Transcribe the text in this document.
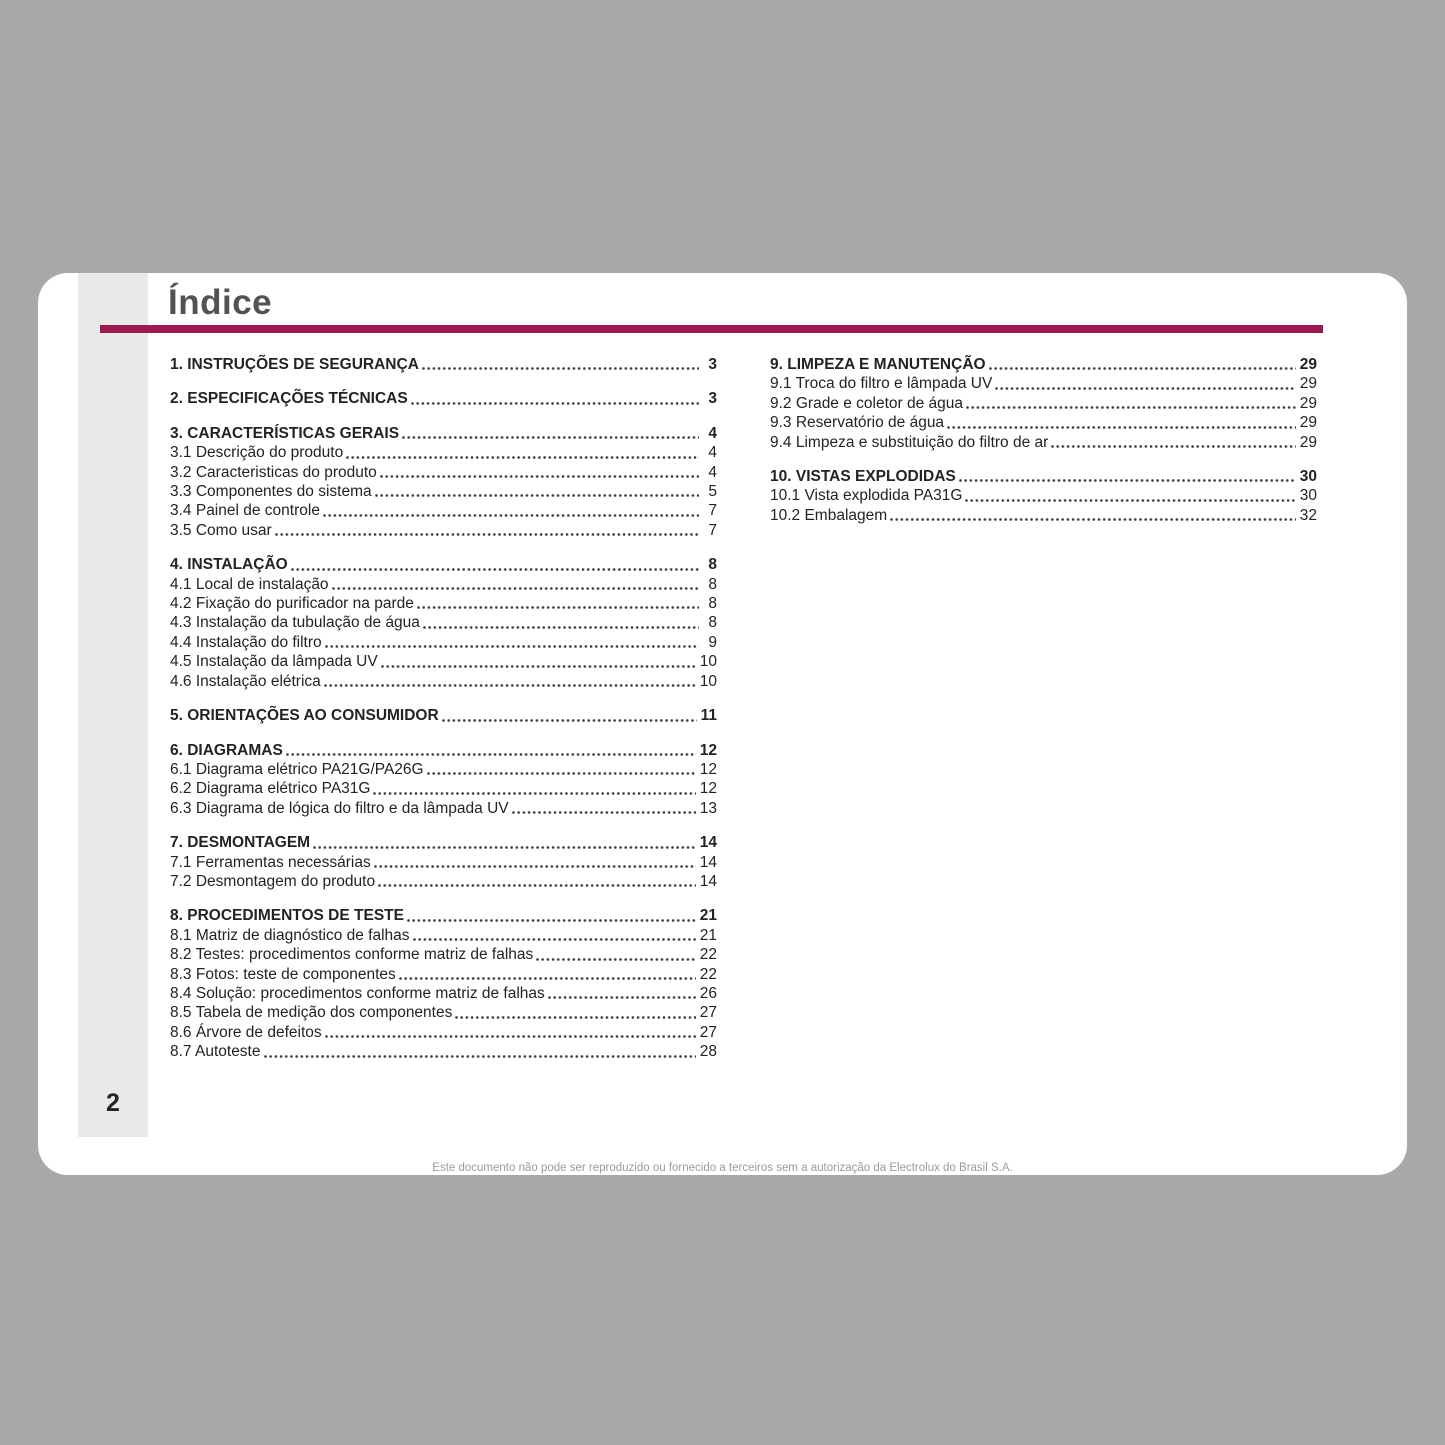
Índice
1. INSTRUÇÕES DE SEGURANÇA	3
2. ESPECIFICAÇÕES TÉCNICAS	3
3. CARACTERÍSTICAS GERAIS	4
3.1 Descrição do produto	4
3.2 Caracteristicas do produto	4
3.3 Componentes do sistema	5
3.4 Painel de controle	7
3.5 Como usar	7
4. INSTALAÇÃO	8
4.1 Local de instalação	8
4.2 Fixação do purificador na parde	8
4.3 Instalação da tubulação de água	8
4.4 Instalação do filtro	9
4.5 Instalação da lâmpada UV	10
4.6 Instalação elétrica	10
5. ORIENTAÇÕES AO CONSUMIDOR	11
6. DIAGRAMAS	12
6.1 Diagrama elétrico PA21G/PA26G	12
6.2 Diagrama elétrico PA31G	12
6.3 Diagrama de lógica do filtro e da lâmpada UV	13
7. DESMONTAGEM	14
7.1 Ferramentas necessárias	14
7.2 Desmontagem do produto	14
8. PROCEDIMENTOS DE TESTE	21
8.1 Matriz de diagnóstico de falhas	21
8.2 Testes: procedimentos conforme matriz de falhas	22
8.3 Fotos: teste de componentes	22
8.4 Solução: procedimentos conforme matriz de falhas	26
8.5 Tabela de medição dos componentes	27
8.6 Árvore de defeitos	27
8.7 Autoteste	28
9. LIMPEZA E MANUTENÇÃO	29
9.1 Troca do filtro e lâmpada UV	29
9.2 Grade e coletor de água	29
9.3 Reservatório de água	29
9.4 Limpeza e substituição do filtro de ar	29
10. VISTAS EXPLODIDAS	30
10.1 Vista explodida PA31G	30
10.2 Embalagem	32
2
Este documento não pode ser reproduzido ou fornecido a terceiros sem a autorização da Electrolux do Brasil S.A.
